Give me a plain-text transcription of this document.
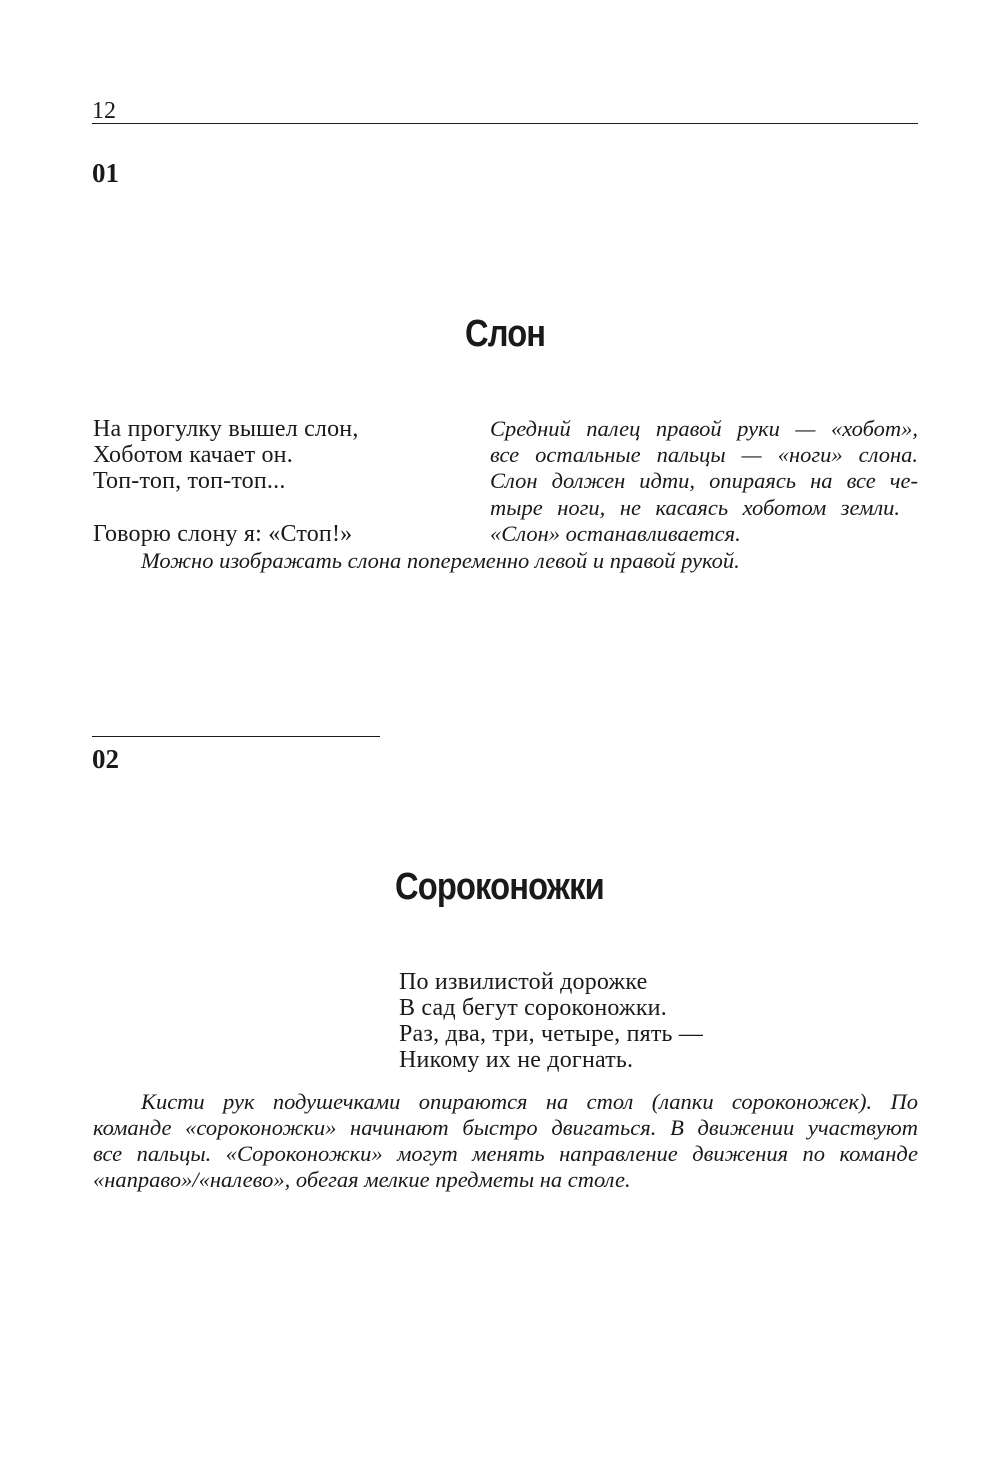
12
01
Слон
На прогулку вышел слон,
Хоботом качает он.
Топ-топ, топ-топ...
Говорю слону я: «Стоп!»
Средний палец правой руки — «хобот»,
все остальные пальцы — «ноги» слона.
Слон должен идти, опираясь на все че-
тыре ноги, не касаясь хоботом земли.
«Слон» останавливается.
Можно изображать слона попеременно левой и правой рукой.
02
Сороконожки
По извилистой дорожке
В сад бегут сороконожки.
Раз, два, три, четыре, пять —
Никому их не догнать.
Кисти рук подушечками опираются на стол (лапки сороконожек). По
команде «сороконожки» начинают быстро двигаться. В движении участвуют
все пальцы. «Сороконожки» могут менять направление движения по команде
«направо»/«налево», обегая мелкие предметы на столе.
